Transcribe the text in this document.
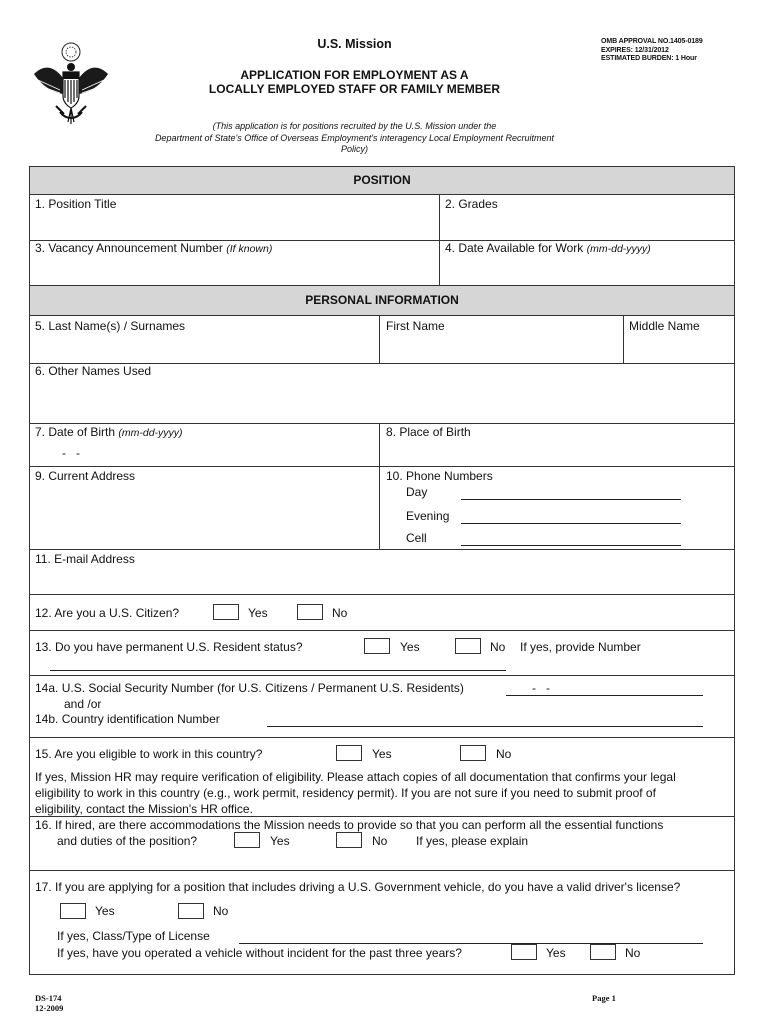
U.S. Mission
APPLICATION FOR EMPLOYMENT AS A
LOCALLY EMPLOYED STAFF OR FAMILY MEMBER
OMB APPROVAL NO.1405-0189
EXPIRES: 12/31/2012
ESTIMATED BURDEN: 1 Hour
(This application is for positions recruited by the U.S. Mission under the
Department of State's Office of Overseas Employment's interagency Local Employment Recruitment
Policy)
POSITION
1. Position Title	2. Grades
3. Vacancy Announcement Number (If known)	4. Date Available for Work (mm-dd-yyyy)
PERSONAL INFORMATION
5. Last Name(s) / Surnames	First Name	Middle Name
6. Other Names Used
7. Date of Birth (mm-dd-yyyy)
-   -
8. Place of Birth
9. Current Address	10. Phone Numbers
Day
Evening
Cell
11. E-mail Address
12. Are you a U.S. Citizen?	Yes	No
13. Do you have permanent U.S. Resident status?	Yes	No If yes, provide Number
14a. U.S. Social Security Number (for U.S. Citizens / Permanent U.S. Residents)	-   -
and /or
14b. Country identification Number
15. Are you eligible to work in this country?	Yes	No
If yes, Mission HR may require verification of eligibility. Please attach copies of all documentation that confirms your legal
eligibility to work in this country (e.g., work permit, residency permit). If you are not sure if you need to submit proof of
eligibility, contact the Mission's HR office.
16. If hired, are there accommodations the Mission needs to provide so that you can perform all the essential functions
and duties of the position?	Yes	No If yes, please explain
17. If you are applying for a position that includes driving a U.S. Government vehicle, do you have a valid driver's license?
Yes	No
If yes, Class/Type of License
If yes, have you operated a vehicle without incident for the past three years?	Yes	No
DS-174
12-2009
Page 1
